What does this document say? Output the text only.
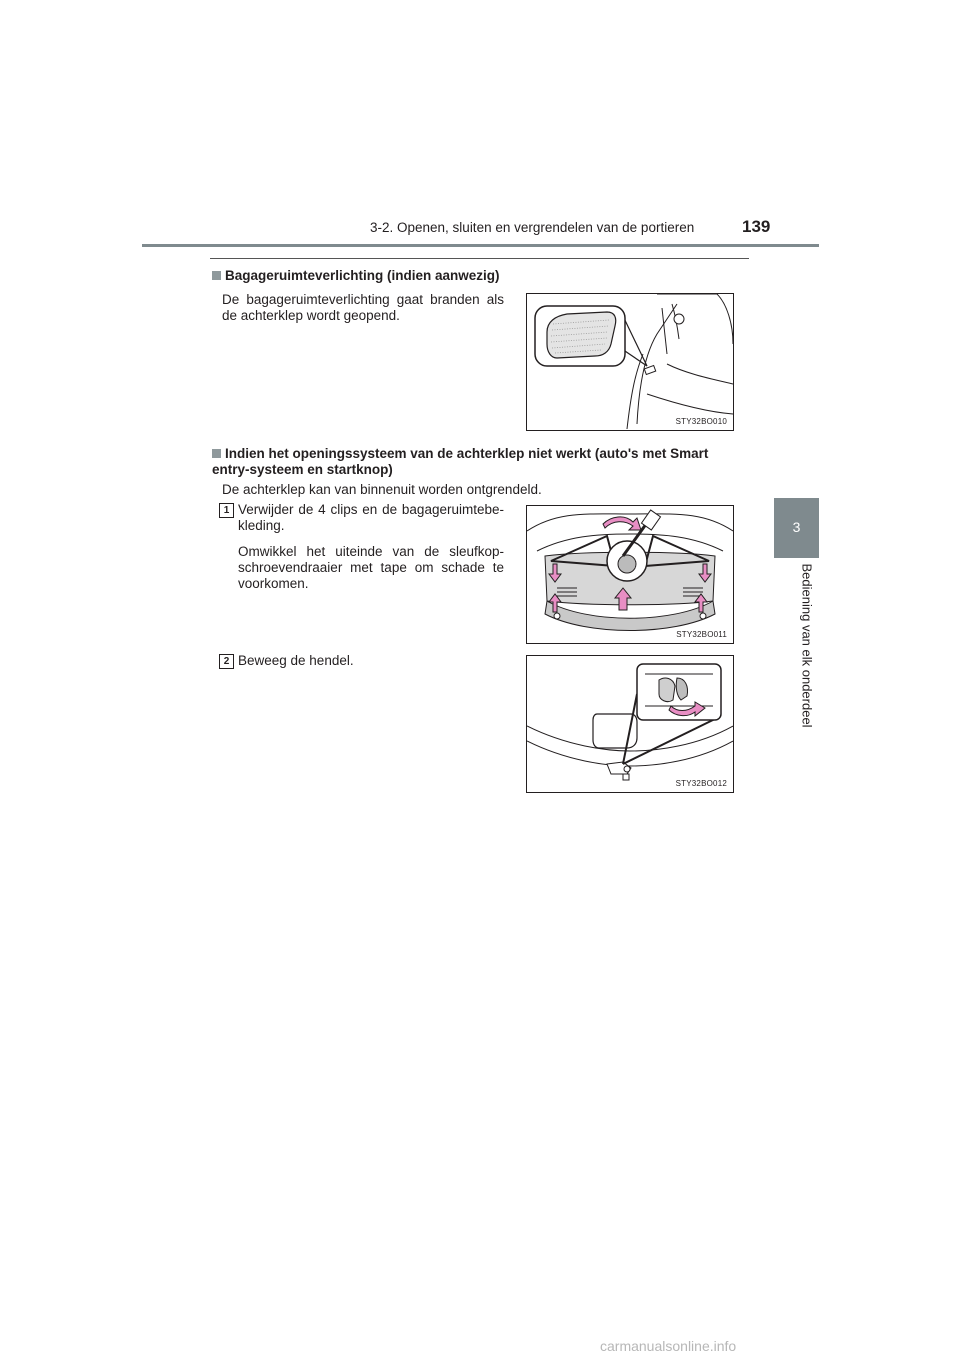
3-2. Openen, sluiten en vergrendelen van de portieren	139
3
Bediening van elk onderdeel
Bagageruimteverlichting (indien aanwezig)
De bagageruimteverlichting gaat branden als de achterklep wordt geopend.
STY32BO010
Indien het openingssysteem van de achterklep niet werkt (auto's met Smart entry-systeem en startknop)
De achterklep kan van binnenuit worden ontgrendeld.
1 Verwijder de 4 clips en de bagageruimtebe-kleding.
Omwikkel het uiteinde van de sleufkop-schroevendraaier met tape om schade te voorkomen.
STY32BO011
2 Beweeg de hendel.
STY32BO012
carmanualsonline.info
